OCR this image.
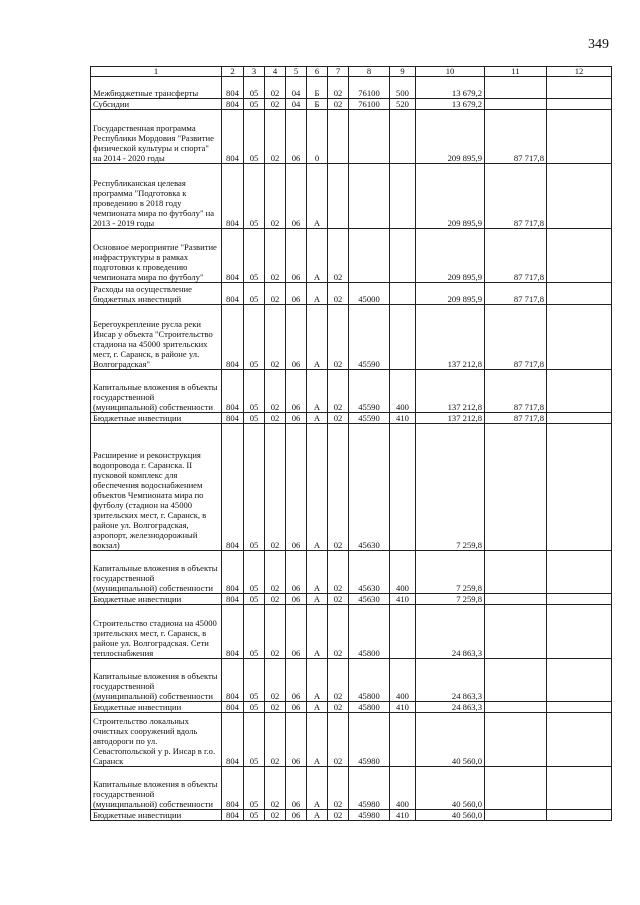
349
1	2	3	4	5	6	7	8	9	10	11	12
Межбюджетные трансферты	804	05	02	04	Б	02	76100	500	13 679,2		
Субсидии	804	05	02	04	Б	02	76100	520	13 679,2		
Государственная программа Республики Мордовия "Развитие физической культуры и спорта" на 2014 - 2020 годы	804	05	02	06	0				209 895,9	87 717,8	
Республиканская целевая программа "Подготовка к проведению в 2018 году чемпионата мира по футболу" на 2013 - 2019 годы	804	05	02	06	А				209 895,9	87 717,8	
Основное мероприятие "Развитие инфраструктуры в рамках подготовки к проведению чемпионата мира по футболу"	804	05	02	06	А	02			209 895,9	87 717,8	
Расходы на осуществление бюджетных инвестиций	804	05	02	06	А	02	45000		209 895,9	87 717,8	
Берегоукрепление русла реки Инсар у объекта "Строительство стадиона на 45000 зрительских мест, г. Саранск, в районе ул. Волгоградская"	804	05	02	06	А	02	45590		137 212,8	87 717,8	
Капитальные вложения в объекты государственной (муниципальной) собственности	804	05	02	06	А	02	45590	400	137 212,8	87 717,8	
Бюджетные инвестиции	804	05	02	06	А	02	45590	410	137 212,8	87 717,8	
Расширение и реконструкция водопровода г. Саранска. II пусковой комплекс для обеспечения водоснабжением объектов Чемпионата мира по футболу (стадион на 45000 зрительских мест, г. Саранск, в районе ул. Волгоградская, аэропорт, железнодорожный вокзал)	804	05	02	06	А	02	45630		7 259,8		
Капитальные вложения в объекты государственной (муниципальной) собственности	804	05	02	06	А	02	45630	400	7 259,8		
Бюджетные инвестиции	804	05	02	06	А	02	45630	410	7 259,8		
Строительство стадиона на 45000 зрительских мест, г. Саранск, в районе ул. Волгоградская. Сети теплоснабжения	804	05	02	06	А	02	45800		24 863,3		
Капитальные вложения в объекты государственной (муниципальной) собственности	804	05	02	06	А	02	45800	400	24 863,3		
Бюджетные инвестиции	804	05	02	06	А	02	45800	410	24 863,3		
Строительство локальных очистных сооружений вдоль автодороги по ул. Севастопольской у р. Инсар в г.о. Саранск	804	05	02	06	А	02	45980		40 560,0		
Капитальные вложения в объекты государственной (муниципальной) собственности	804	05	02	06	А	02	45980	400	40 560,0		
Бюджетные инвестиции	804	05	02	06	А	02	45980	410	40 560,0		
